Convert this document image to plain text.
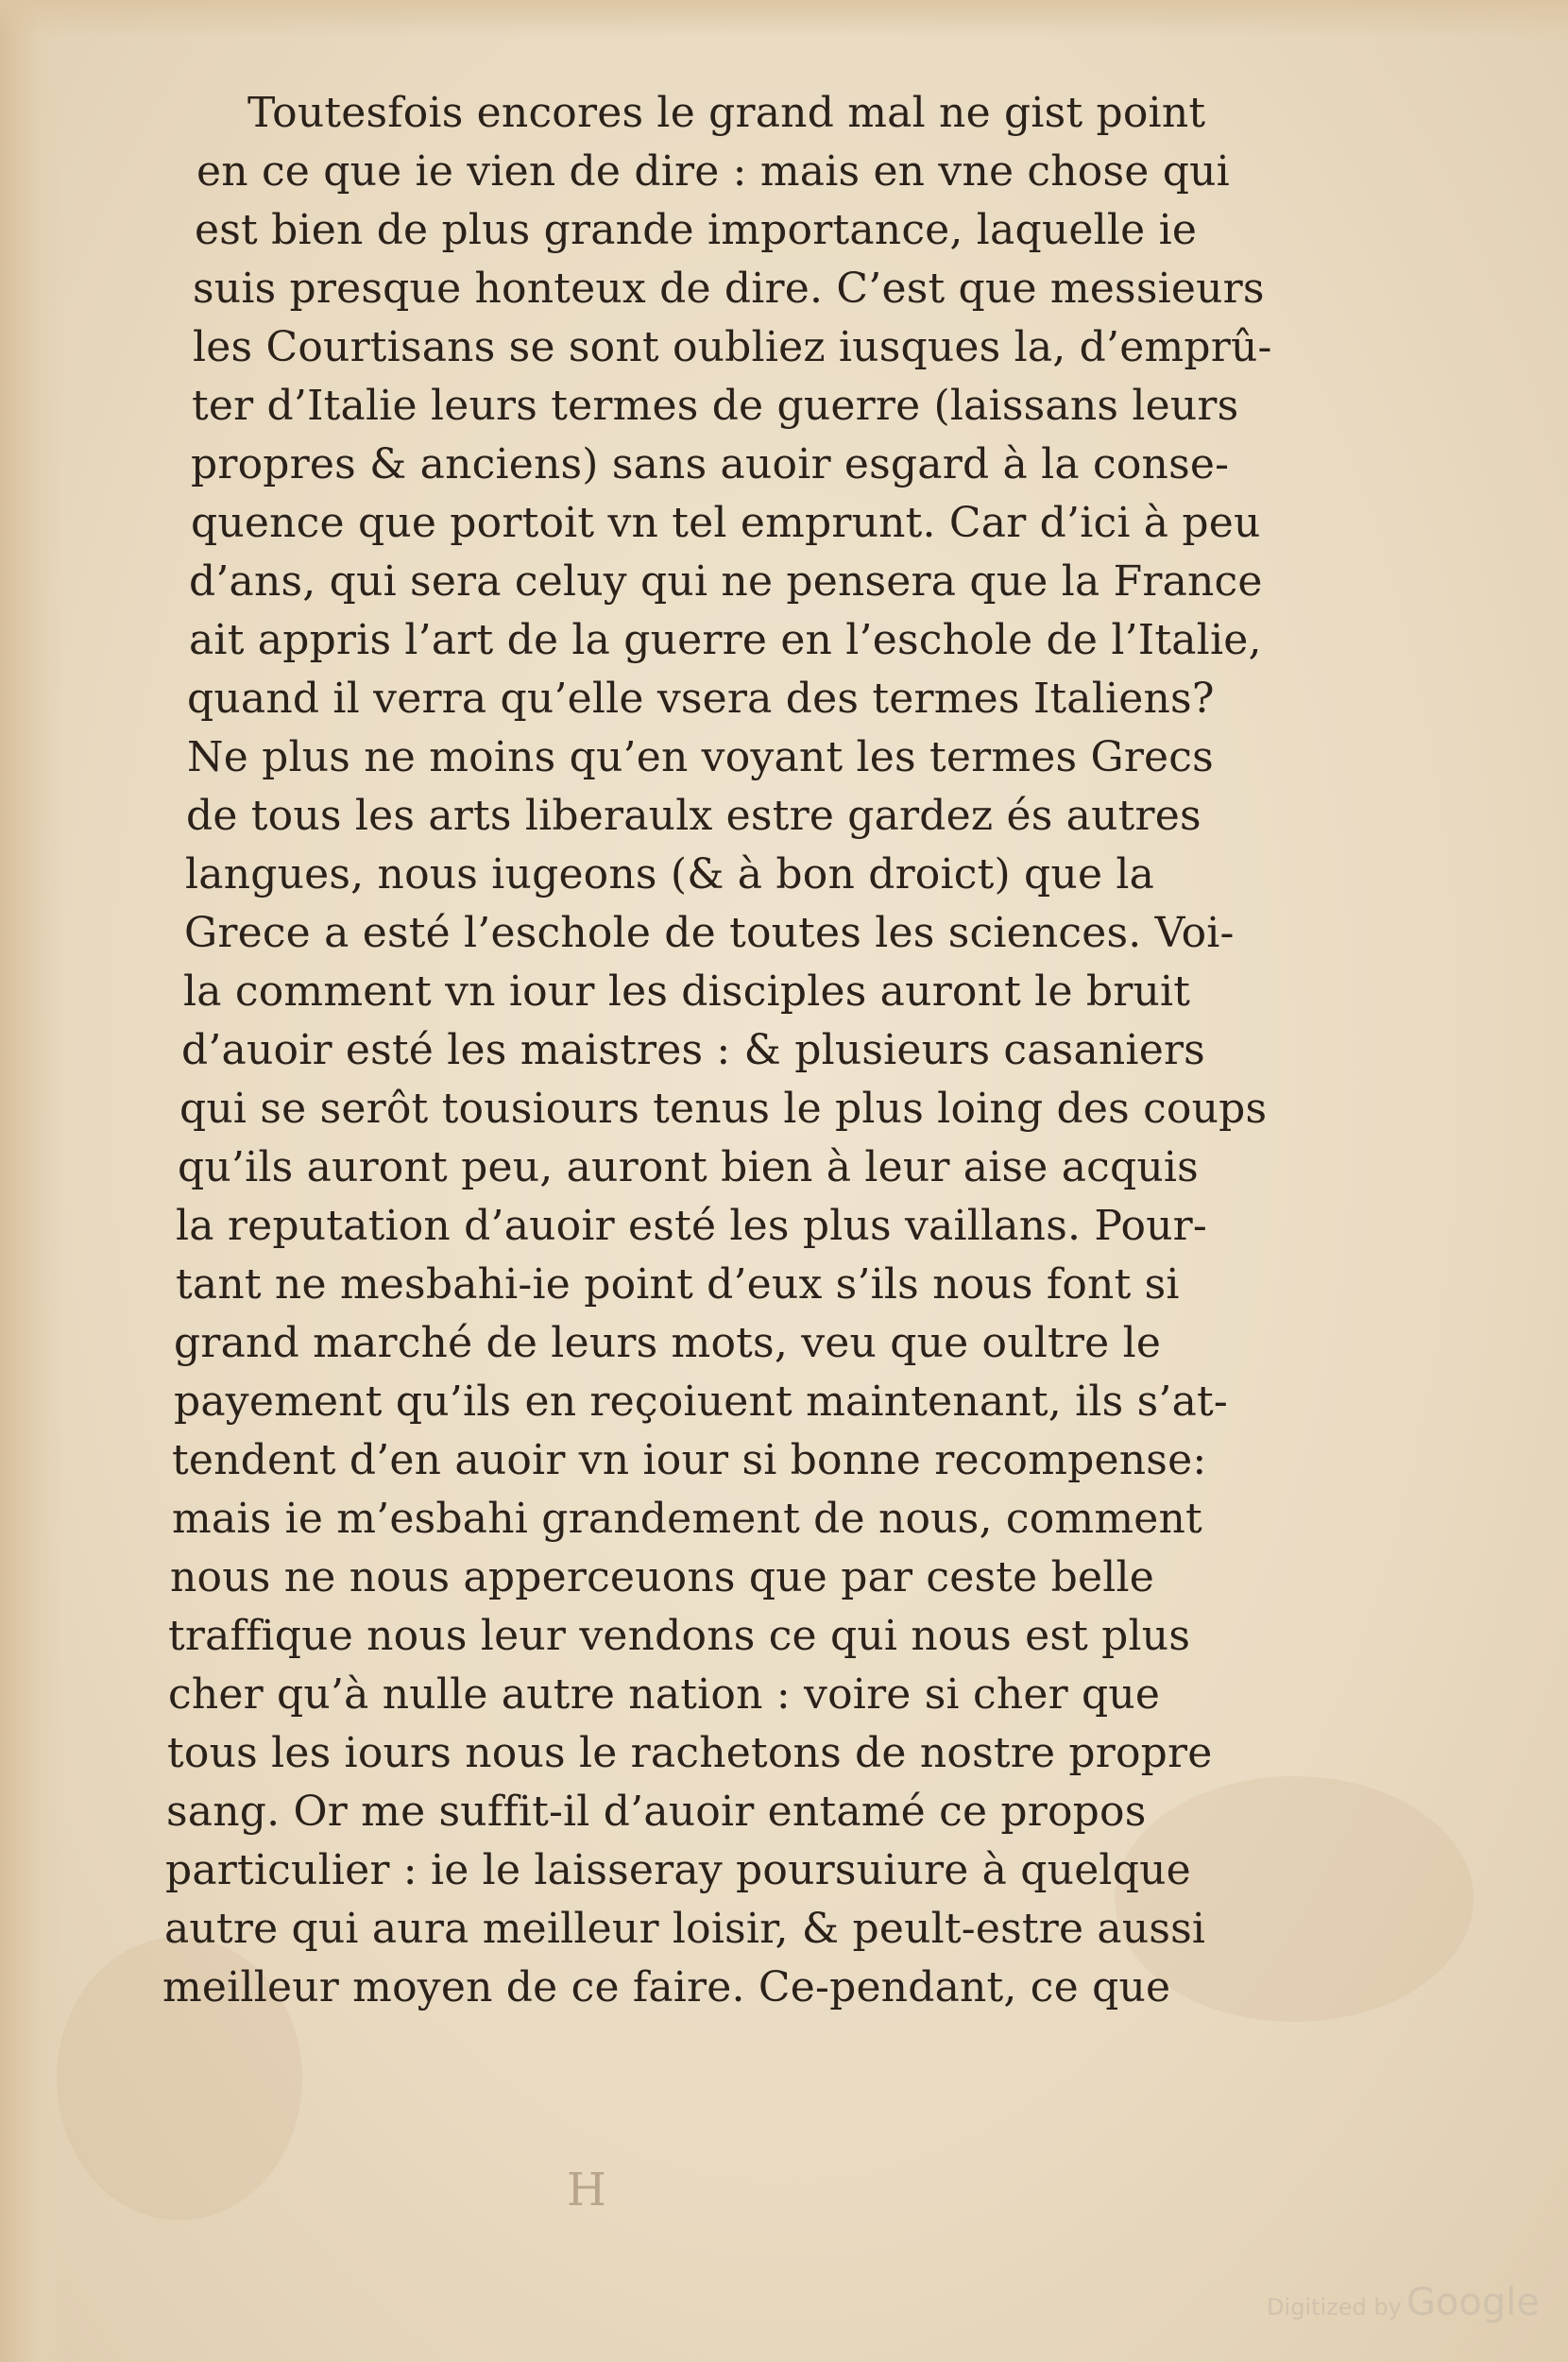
Toutesfois encores le grand mal ne gist point
en ce que ie vien de dire : mais en vne chose qui
est bien de plus grande importance, laquelle ie
suis presque honteux de dire. C’est que messieurs
les Courtisans se sont oubliez iusques la, d’emprû-
ter d’Italie leurs termes de guerre (laissans leurs
propres & anciens) sans auoir esgard à la conse-
quence que portoit vn tel emprunt. Car d’ici à peu
d’ans, qui sera celuy qui ne pensera que la France
ait appris l’art de la guerre en l’eschole de l’Italie,
quand il verra qu’elle vsera des termes Italiens?
Ne plus ne moins qu’en voyant les termes Grecs
de tous les arts liberaulx estre gardez és autres
langues, nous iugeons (& à bon droict) que la
Grece a esté l’eschole de toutes les sciences. Voi-
la comment vn iour les disciples auront le bruit
d’auoir esté les maistres : & plusieurs casaniers
qui se serôt tousiours tenus le plus loing des coups
qu’ils auront peu, auront bien à leur aise acquis
la reputation d’auoir esté les plus vaillans. Pour-
tant ne mesbahi-ie point d’eux s’ils nous font si
grand marché de leurs mots, veu que oultre le
payement qu’ils en reçoiuent maintenant, ils s’at-
tendent d’en auoir vn iour si bonne recompense:
mais ie m’esbahi grandement de nous, comment
nous ne nous apperceuons que par ceste belle
traffique nous leur vendons ce qui nous est plus
cher qu’à nulle autre nation : voire si cher que
tous les iours nous le rachetons de nostre propre
sang. Or me suffit-il d’auoir entamé ce propos
particulier : ie le laisseray poursuiure à quelque
autre qui aura meilleur loisir, & peult-estre aussi
meilleur moyen de ce faire. Ce-pendant, ce que
H
Digitized by Google
